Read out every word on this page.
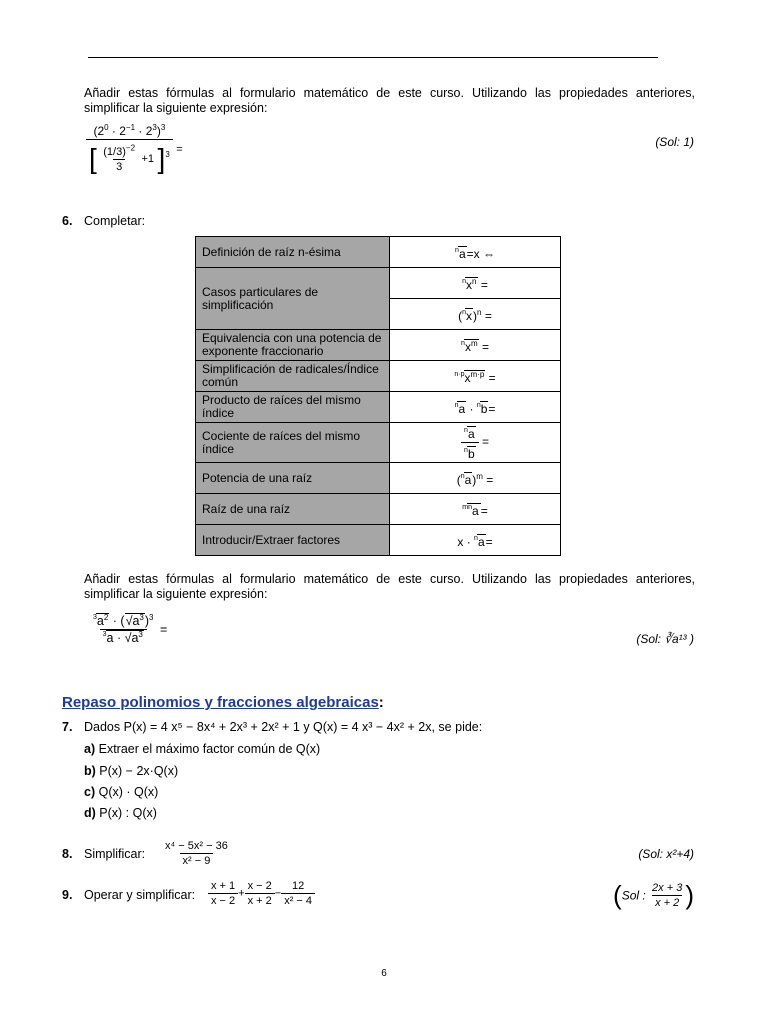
Añadir estas fórmulas al formulario matemático de este curso. Utilizando las propiedades anteriores, simplificar la siguiente expresión:
$\frac{(2^0 \cdot 2^{-1} \cdot 2^3)^3}{[ \frac{(1/3)^{-2}}{3} +1 ]^3}$ =
(Sol: 1)
6. Completar:
Definición de raíz n-ésima	$^n$a=x ⇔
Casos particulares de simplificación	$^nx^n$ =
	$(^nx)^n$ =
Equivalencia con una potencia de exponente fraccionario	$^nx^m$ =
Simplificación de radicales/Índice común	$^{n\cdot p}x^{m\cdot p}$ =
Producto de raíces del mismo índice	$^n$a · $^n$b=
Cociente de raíces del mismo índice	$\frac{^na}{^nb}$ =
Potencia de una raíz	$(^na)^m$ =
Raíz de una raíz	$^{mn}$a =
Introducir/Extraer factores	x · $^n$a=
Añadir estas fórmulas al formulario matemático de este curso. Utilizando las propiedades anteriores, simplificar la siguiente expresión:
$\frac{^3a^2 \cdot (√a^3)^3}{^3a \cdot √a^3}$ =
(Sol: ∛a¹³ )
Repaso polinomios y fracciones algebraicas:
7. Dados P(x) = 4 x⁵ − 8x⁴ + 2x³ + 2x² + 1 y Q(x) = 4 x³ − 4x² + 2x, se pide:
a) Extraer el máximo factor común de Q(x)
b) P(x) − 2x·Q(x)
c) Q(x) · Q(x)
d) P(x) : Q(x)
8. Simplificar: $\frac{\text{x⁴ − 5x² − 36}}{\text{x² − 9}}$	(Sol: x²+4)
9. Operar y simplificar: $\frac{x + 1}{x - 2} + \frac{x - 2}{x + 2} - \frac{12}{\text{x² − 4}}$	(Sol : $\frac{2x + 3}{x + 2}$ )
6
